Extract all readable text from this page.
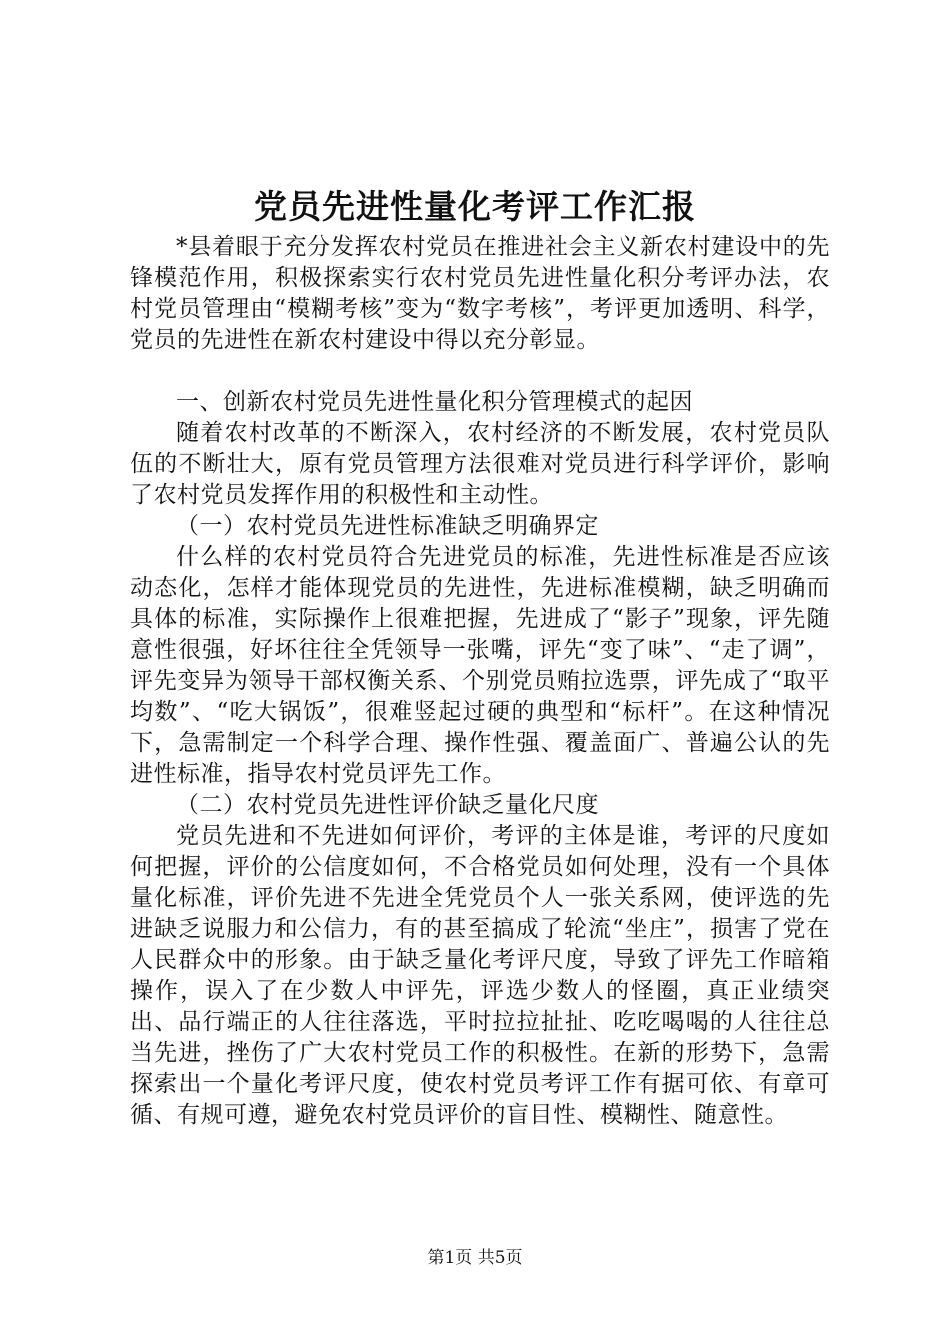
党员先进性量化考评工作汇报

*县着眼于充分发挥农村党员在推进社会主义新农村建设中的先锋模范作用，积极探索实行农村党员先进性量化积分考评办法，农村党员管理由“模糊考核”变为“数字考核”，考评更加透明、科学，党员的先进性在新农村建设中得以充分彰显。

一、创新农村党员先进性量化积分管理模式的起因

随着农村改革的不断深入，农村经济的不断发展，农村党员队伍的不断壮大，原有党员管理方法很难对党员进行科学评价，影响了农村党员发挥作用的积极性和主动性。

（一）农村党员先进性标准缺乏明确界定

什么样的农村党员符合先进党员的标准，先进性标准是否应该动态化，怎样才能体现党员的先进性，先进标准模糊，缺乏明确而具体的标准，实际操作上很难把握，先进成了“影子”现象，评先随意性很强，好坏往往全凭领导一张嘴，评先“变了味”、“走了调”，评先变异为领导干部权衡关系、个别党员贿拉选票，评先成了“取平均数”、“吃大锅饭”，很难竖起过硬的典型和“标杆”。在这种情况下，急需制定一个科学合理、操作性强、覆盖面广、普遍公认的先进性标准，指导农村党员评先工作。

（二）农村党员先进性评价缺乏量化尺度

党员先进和不先进如何评价，考评的主体是谁，考评的尺度如何把握，评价的公信度如何，不合格党员如何处理，没有一个具体量化标准，评价先进不先进全凭党员个人一张关系网，使评选的先进缺乏说服力和公信力，有的甚至搞成了轮流“坐庄”，损害了党在人民群众中的形象。由于缺乏量化考评尺度，导致了评先工作暗箱操作，误入了在少数人中评先，评选少数人的怪圈，真正业绩突出、品行端正的人往往落选，平时拉拉扯扯、吃吃喝喝的人往往总当先进，挫伤了广大农村党员工作的积极性。在新的形势下，急需探索出一个量化考评尺度，使农村党员考评工作有据可依、有章可循、有规可遵，避免农村党员评价的盲目性、模糊性、随意性。

第1页 共5页
